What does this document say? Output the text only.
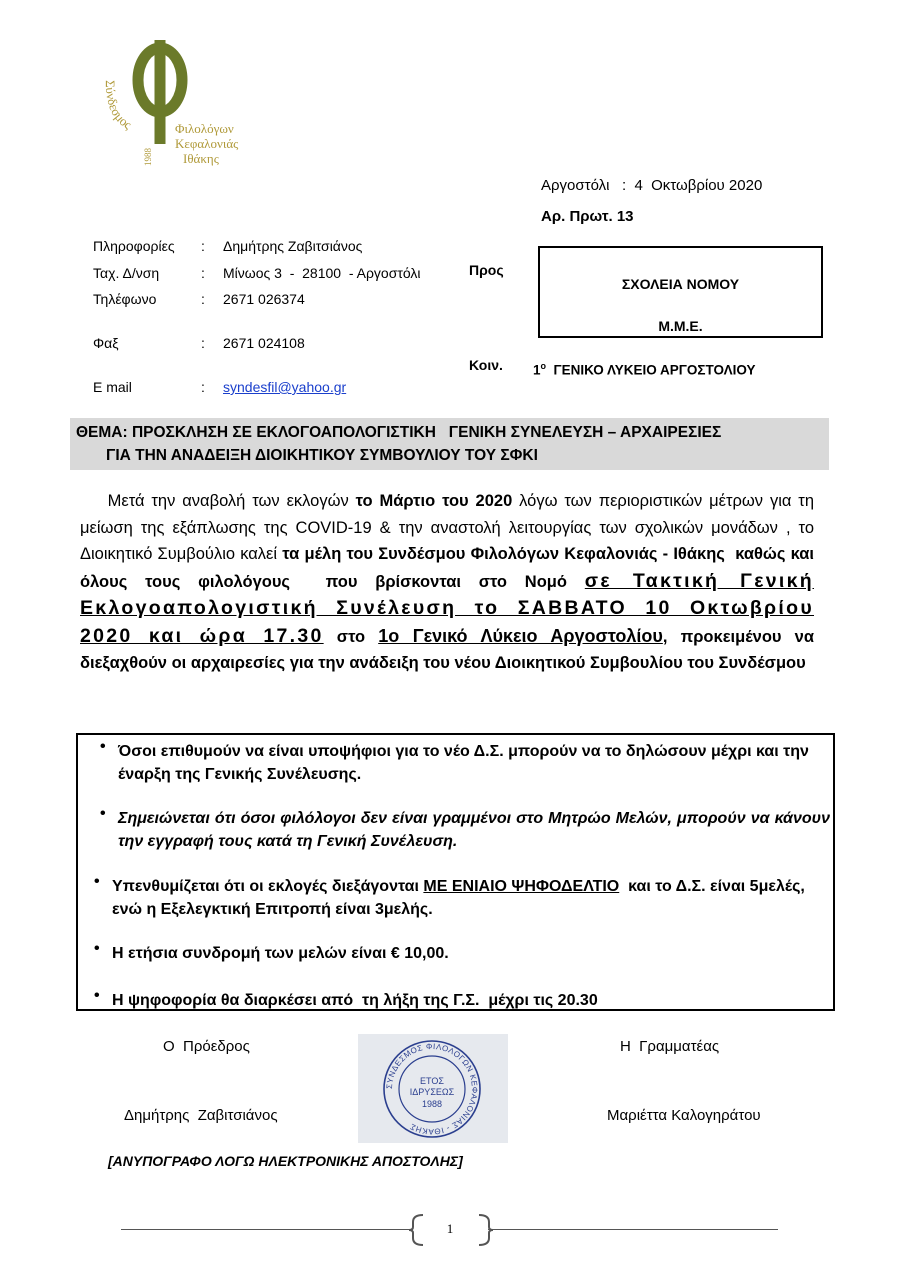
Σύνδεσμος	Φιλολόγων
Κεφαλονιάς
Ιθάκης
1988
Αργοστόλι   :  4  Οκτωβρίου 2020
Αρ. Πρωτ. 13
Πληροφορίες : Δημήτρης Ζαβιτσιάνος
Ταχ. Δ/νση	: Μίνωος 3  -  28100  - Αργοστόλι
Τηλέφωνο	: 2671 026374
Φαξ	: 2671 024108
E mail	: syndesfil@yahoo.gr
Προς
ΣΧΟΛΕΙΑ ΝΟΜΟΥ
Μ.Μ.Ε.
Κοιν. $1^o$  ΓΕΝΙΚΟ ΛΥΚΕΙΟ ΑΡΓΟΣΤΟΛΙΟΥ
ΘΕΜΑ: ΠΡΟΣΚΛΗΣΗ ΣΕ ΕΚΛΟΓΟΑΠΟΛΟΓΙΣΤΙΚΗ   ΓΕΝΙΚΗ ΣΥΝΕΛΕΥΣΗ – ΑΡΧΑΙΡΕΣΙΕΣ
ΓΙΑ ΤΗΝ ΑΝΑΔΕΙΞΗ ΔΙΟΙΚΗΤΙΚΟΥ ΣΥΜΒΟΥΛΙΟΥ ΤΟΥ ΣΦΚΙ
Μετά την αναβολή των εκλογών το Μάρτιο του 2020 λόγω των περιοριστικών μέτρων για τη μείωση της εξάπλωσης της COVID-19 & την αναστολή λειτουργίας των σχολικών μονάδων , το Διοικητικό Συμβούλιο καλεί τα μέλη του Συνδέσμου Φιλολόγων Κεφαλονιάς - Ιθάκης  καθώς και όλους τους φιλολόγους  που βρίσκονται στο Νομό σε Τακτική Γενική Εκλογοαπολογιστική Συνέλευση το ΣΑΒΒΑΤΟ 10 Οκτωβρίου 2020 και ώρα 17.30 στο 1ο Γενικό Λύκειο Αργοστολίου, προκειμένου να διεξαχθούν οι αρχαιρεσίες για την ανάδειξη του νέου Διοικητικού Συμβουλίου του Συνδέσμου
• Όσοι επιθυμούν να είναι υποψήφιοι για το νέο Δ.Σ. μπορούν να το δηλώσουν μέχρι και την έναρξη της Γενικής Συνέλευσης.
• Σημειώνεται ότι όσοι φιλόλογοι δεν είναι γραμμένοι στο Μητρώο Μελών, μπορούν να κάνουν την εγγραφή τους κατά τη Γενική Συνέλευση.
• Υπενθυμίζεται ότι οι εκλογές διεξάγονται ΜΕ ΕΝΙΑΙΟ ΨΗΦΟΔΕΛΤΙΟ  και το Δ.Σ. είναι 5μελές, ενώ η Εξελεγκτική Επιτροπή είναι 3μελής.
• Η ετήσια συνδρομή των μελών είναι € 10,00.
• Η ψηφοφορία θα διαρκέσει από  τη λήξη της Γ.Σ.  μέχρι τις 20.30
Ο  Πρόεδρος
Δημήτρης  Ζαβιτσιάνος
Η  Γραμματέας
Μαριέττα Καλογηράτου
[ΑΝΥΠΟΓΡΑΦΟ ΛΟΓΩ ΗΛΕΚΤΡΟΝΙΚΗΣ ΑΠΟΣΤΟΛΗΣ]
ΣΥΝΔΕΣΜΟΣ ΦΙΛΟΛΟΓΩΝ ΚΕΦΑΛΟΝΙΑΣ - ΙΘΑΚΗΣ
ΕΤΟΣ
ΙΔΡΥΣΕΩΣ
1988
1
